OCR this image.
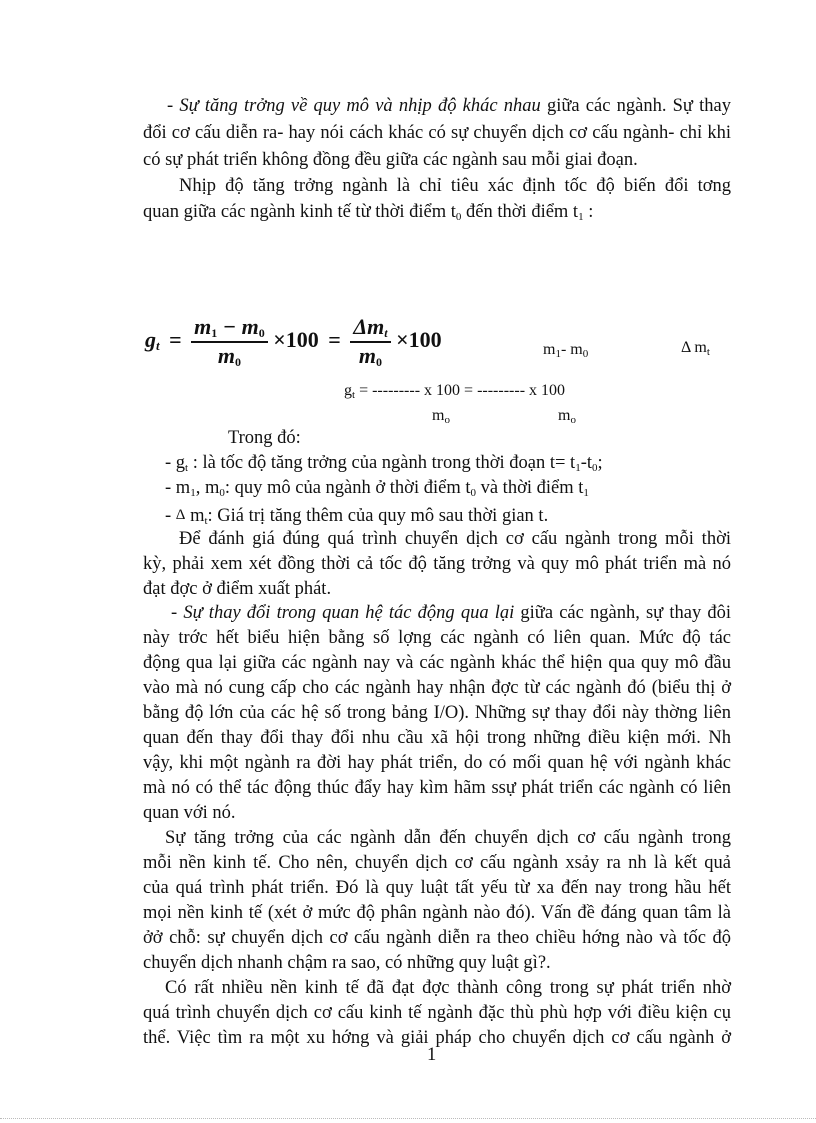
- Sự tăng trởng về quy mô và nhịp độ khác nhau giữa các ngành. Sự thay
đổi cơ cấu diễn ra- hay nói cách khác có sự chuyển dịch cơ cấu ngành- chỉ khi
có sự phát triển không đồng đều giữa các ngành sau mỗi giai đoạn.
Nhịp độ tăng trởng ngành là chỉ tiêu xác định tốc độ biến đổi tơng
quan giữa các ngành kinh tế từ thời điểm $t_0$ đến thời điểm $t_1$ :
$g_t = \frac{m_1 - m_0}{m_0} \times 100 = \frac{\Delta m_t}{m_0} \times 100$	$m_1-$ $m_0$	Δ $m_t$
$g_t$ = --------- x 100 = --------- x 100
$m_o$	$m_o$
Trong đó:
- $g_t$ : là tốc độ tăng trởng của ngành trong thời đoạn $t= t_1-t_0$;
- $m_1$, $m_0$: quy mô của ngành ở thời điểm $t_0$ và thời điểm $t_1$
- Δ $m_t$: Giá trị tăng thêm của quy mô sau thời gian t.
Để đánh giá đúng quá trình chuyển dịch cơ cấu ngành trong mỗi thời
kỳ, phải xem xét đồng thời cả tốc độ tăng trởng và quy mô phát triển mà nó
đạt đợc ở điểm xuất phát.
- Sự thay đổi trong quan hệ tác động qua lại giữa các ngành, sự thay đôi
này trớc hết biểu hiện bằng số lợng các ngành có liên quan. Mức độ tác
động qua lại giữa các ngành nay và các ngành khác thể hiện qua quy mô đầu
vào mà nó cung cấp cho các ngành hay nhận đợc từ các ngành đó (biểu thị ở
bằng độ lớn của các hệ số trong bảng I/O). Những sự thay đổi này thờng liên
quan đến thay đổi thay đổi nhu cầu xã hội trong những điều kiện mới. Nh
vậy, khi một ngành ra đời hay phát triển, do có mối quan hệ với ngành khác
mà nó có thể tác động thúc đẩy hay kìm hãm ssự phát triển các ngành có liên
quan với nó.
Sự tăng trởng của các ngành dẫn đến chuyển dịch cơ cấu ngành trong
mỗi nền kinh tế. Cho nên, chuyển dịch cơ cấu ngành xsảy ra nh là kết quả
của quá trình phát triển. Đó là quy luật tất yếu từ xa đến nay trong hầu hết
mọi nền kinh tế (xét ở mức độ phân ngành nào đó). Vấn đề đáng quan tâm là
ởở chỗ: sự chuyển dịch cơ cấu ngành diễn ra theo chiều hớng nào và tốc độ
chuyển dịch nhanh chậm ra sao, có những quy luật gì?.
Có rất nhiều nền kinh tế đã đạt đợc thành công trong sự phát triển nhờ
quá trình chuyển dịch cơ cấu kinh tế ngành đặc thù phù hợp với điều kiện cụ
thể. Việc tìm ra một xu hớng và giải pháp cho chuyển dịch cơ cấu ngành ở
1
